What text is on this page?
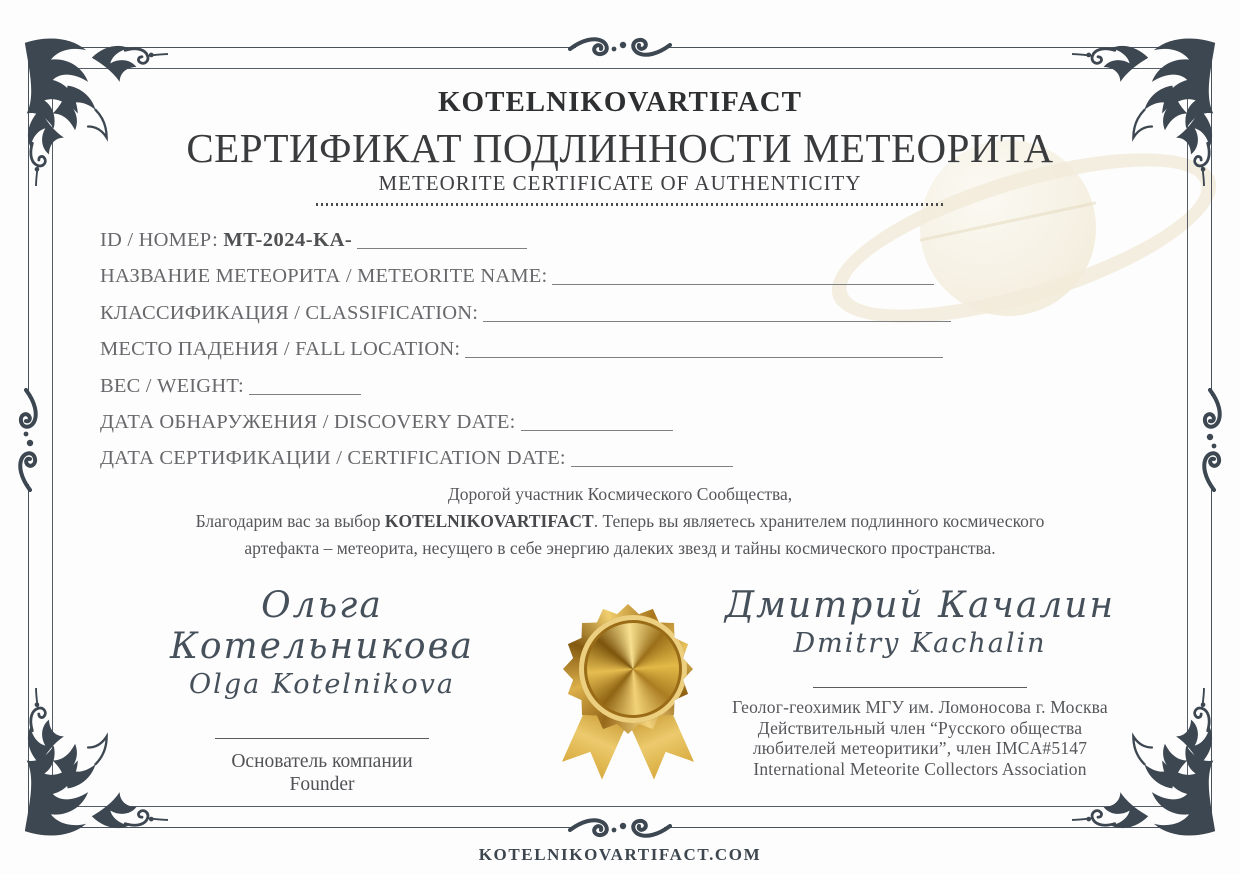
KOTELNIKOVARTIFACT
СЕРТИФИКАТ ПОДЛИННОСТИ МЕТЕОРИТА
METEORITE CERTIFICATE OF AUTHENTICITY
ID / НОМЕР: MT-2024-KA-
НАЗВАНИЕ МЕТЕОРИТА / METEORITE NAME:
КЛАССИФИКАЦИЯ / CLASSIFICATION:
МЕСТО ПАДЕНИЯ / FALL LOCATION:
ВЕС / WEIGHT:
ДАТА ОБНАРУЖЕНИЯ / DISCOVERY DATE:
ДАТА СЕРТИФИКАЦИИ / CERTIFICATION DATE:
Дорогой участник Космического Сообщества,
Благодарим вас за выбор KOTELNIKOVARTIFACT. Теперь вы являетесь хранителем подлинного космического
артефакта – метеорита, несущего в себе энергию далеких звезд и тайны космического пространства.
Ольга Котельникова
Olga Kotelnikova
Основатель компании
Founder
Дмитрий Качалин
Dmitry Kachalin
Геолог-геохимик МГУ им. Ломоносова г. Москва
Действительный член “Русского общества
любителей метеоритики”, член IMCA#5147
International Meteorite Collectors Association
KOTELNIKOVARTIFACT.COM
